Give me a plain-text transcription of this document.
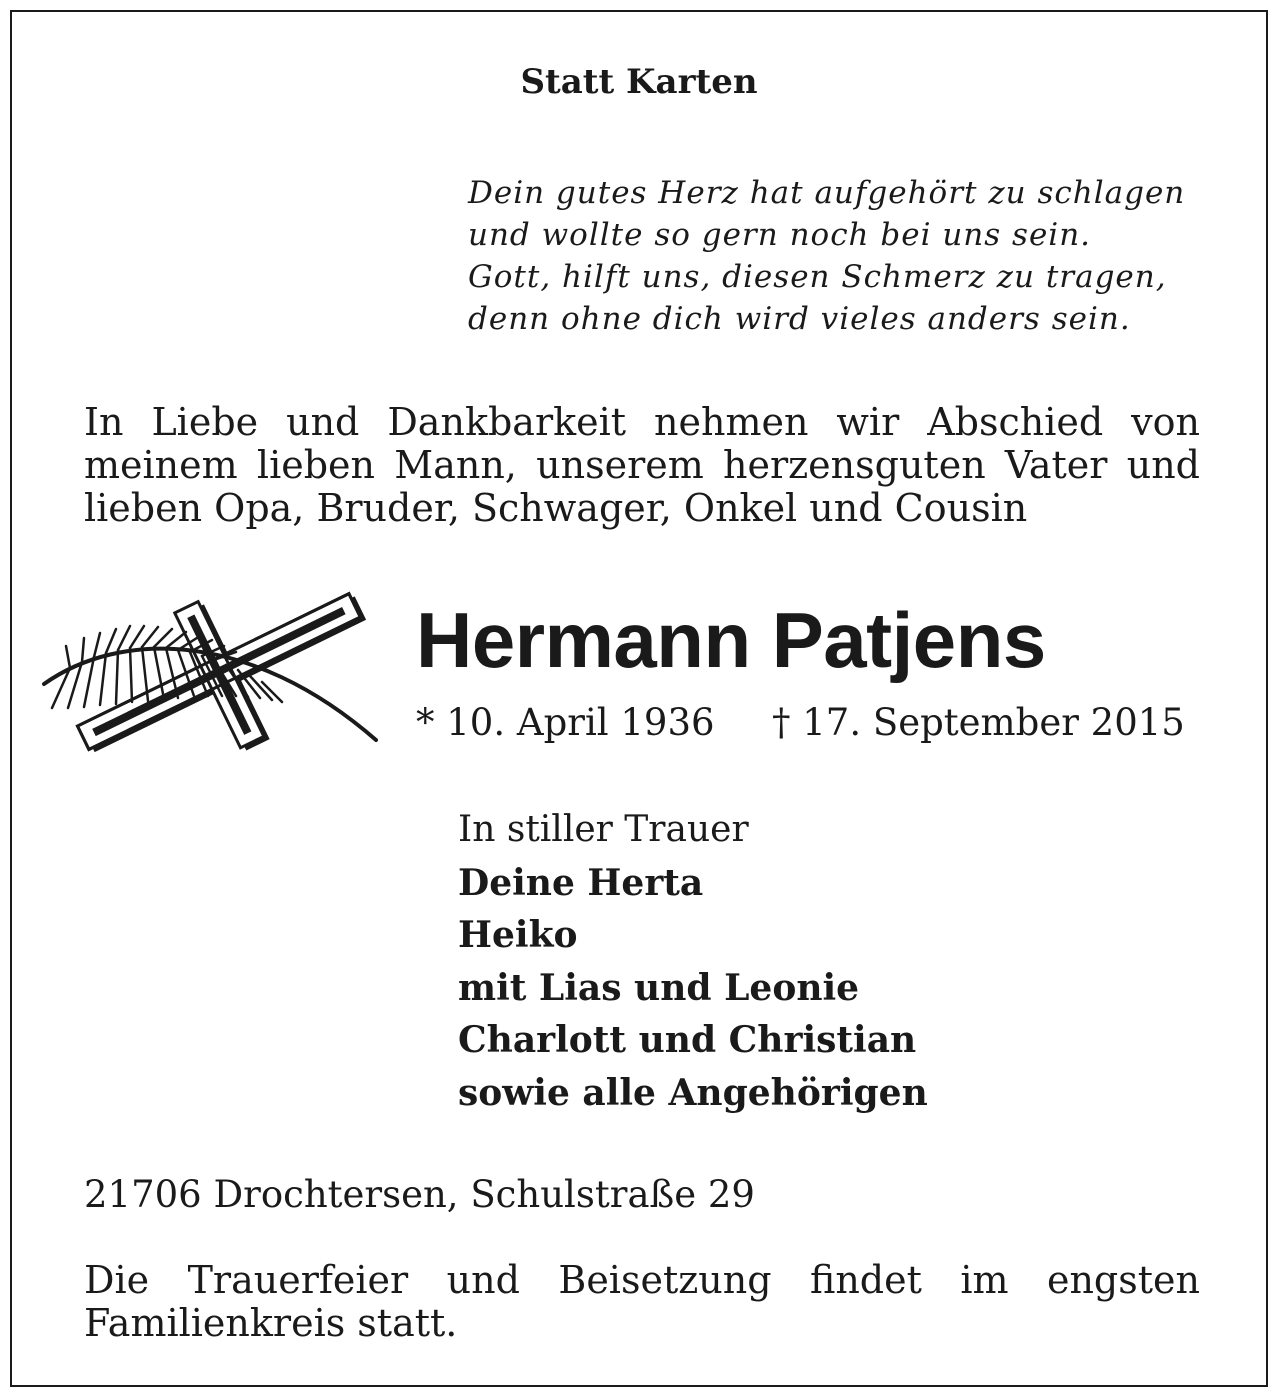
Statt Karten

Dein gutes Herz hat aufgehört zu schlagen
und wollte so gern noch bei uns sein.
Gott, hilft uns, diesen Schmerz zu tragen,
denn ohne dich wird vieles anders sein.

In Liebe und Dankbarkeit nehmen wir Abschied von meinem lieben Mann, unserem herzensguten Vater und lieben Opa, Bruder, Schwager, Onkel und Cousin

Hermann Patjens

* 10. April 1936 † 17. September 2015
In stiller Trauer
Deine Herta
Heiko
mit Lias und Leonie
Charlott und Christian
sowie alle Angehörigen

21706 Drochtersen, Schulstraße 29

Die Trauerfeier und Beisetzung findet im engsten Familienkreis statt.
